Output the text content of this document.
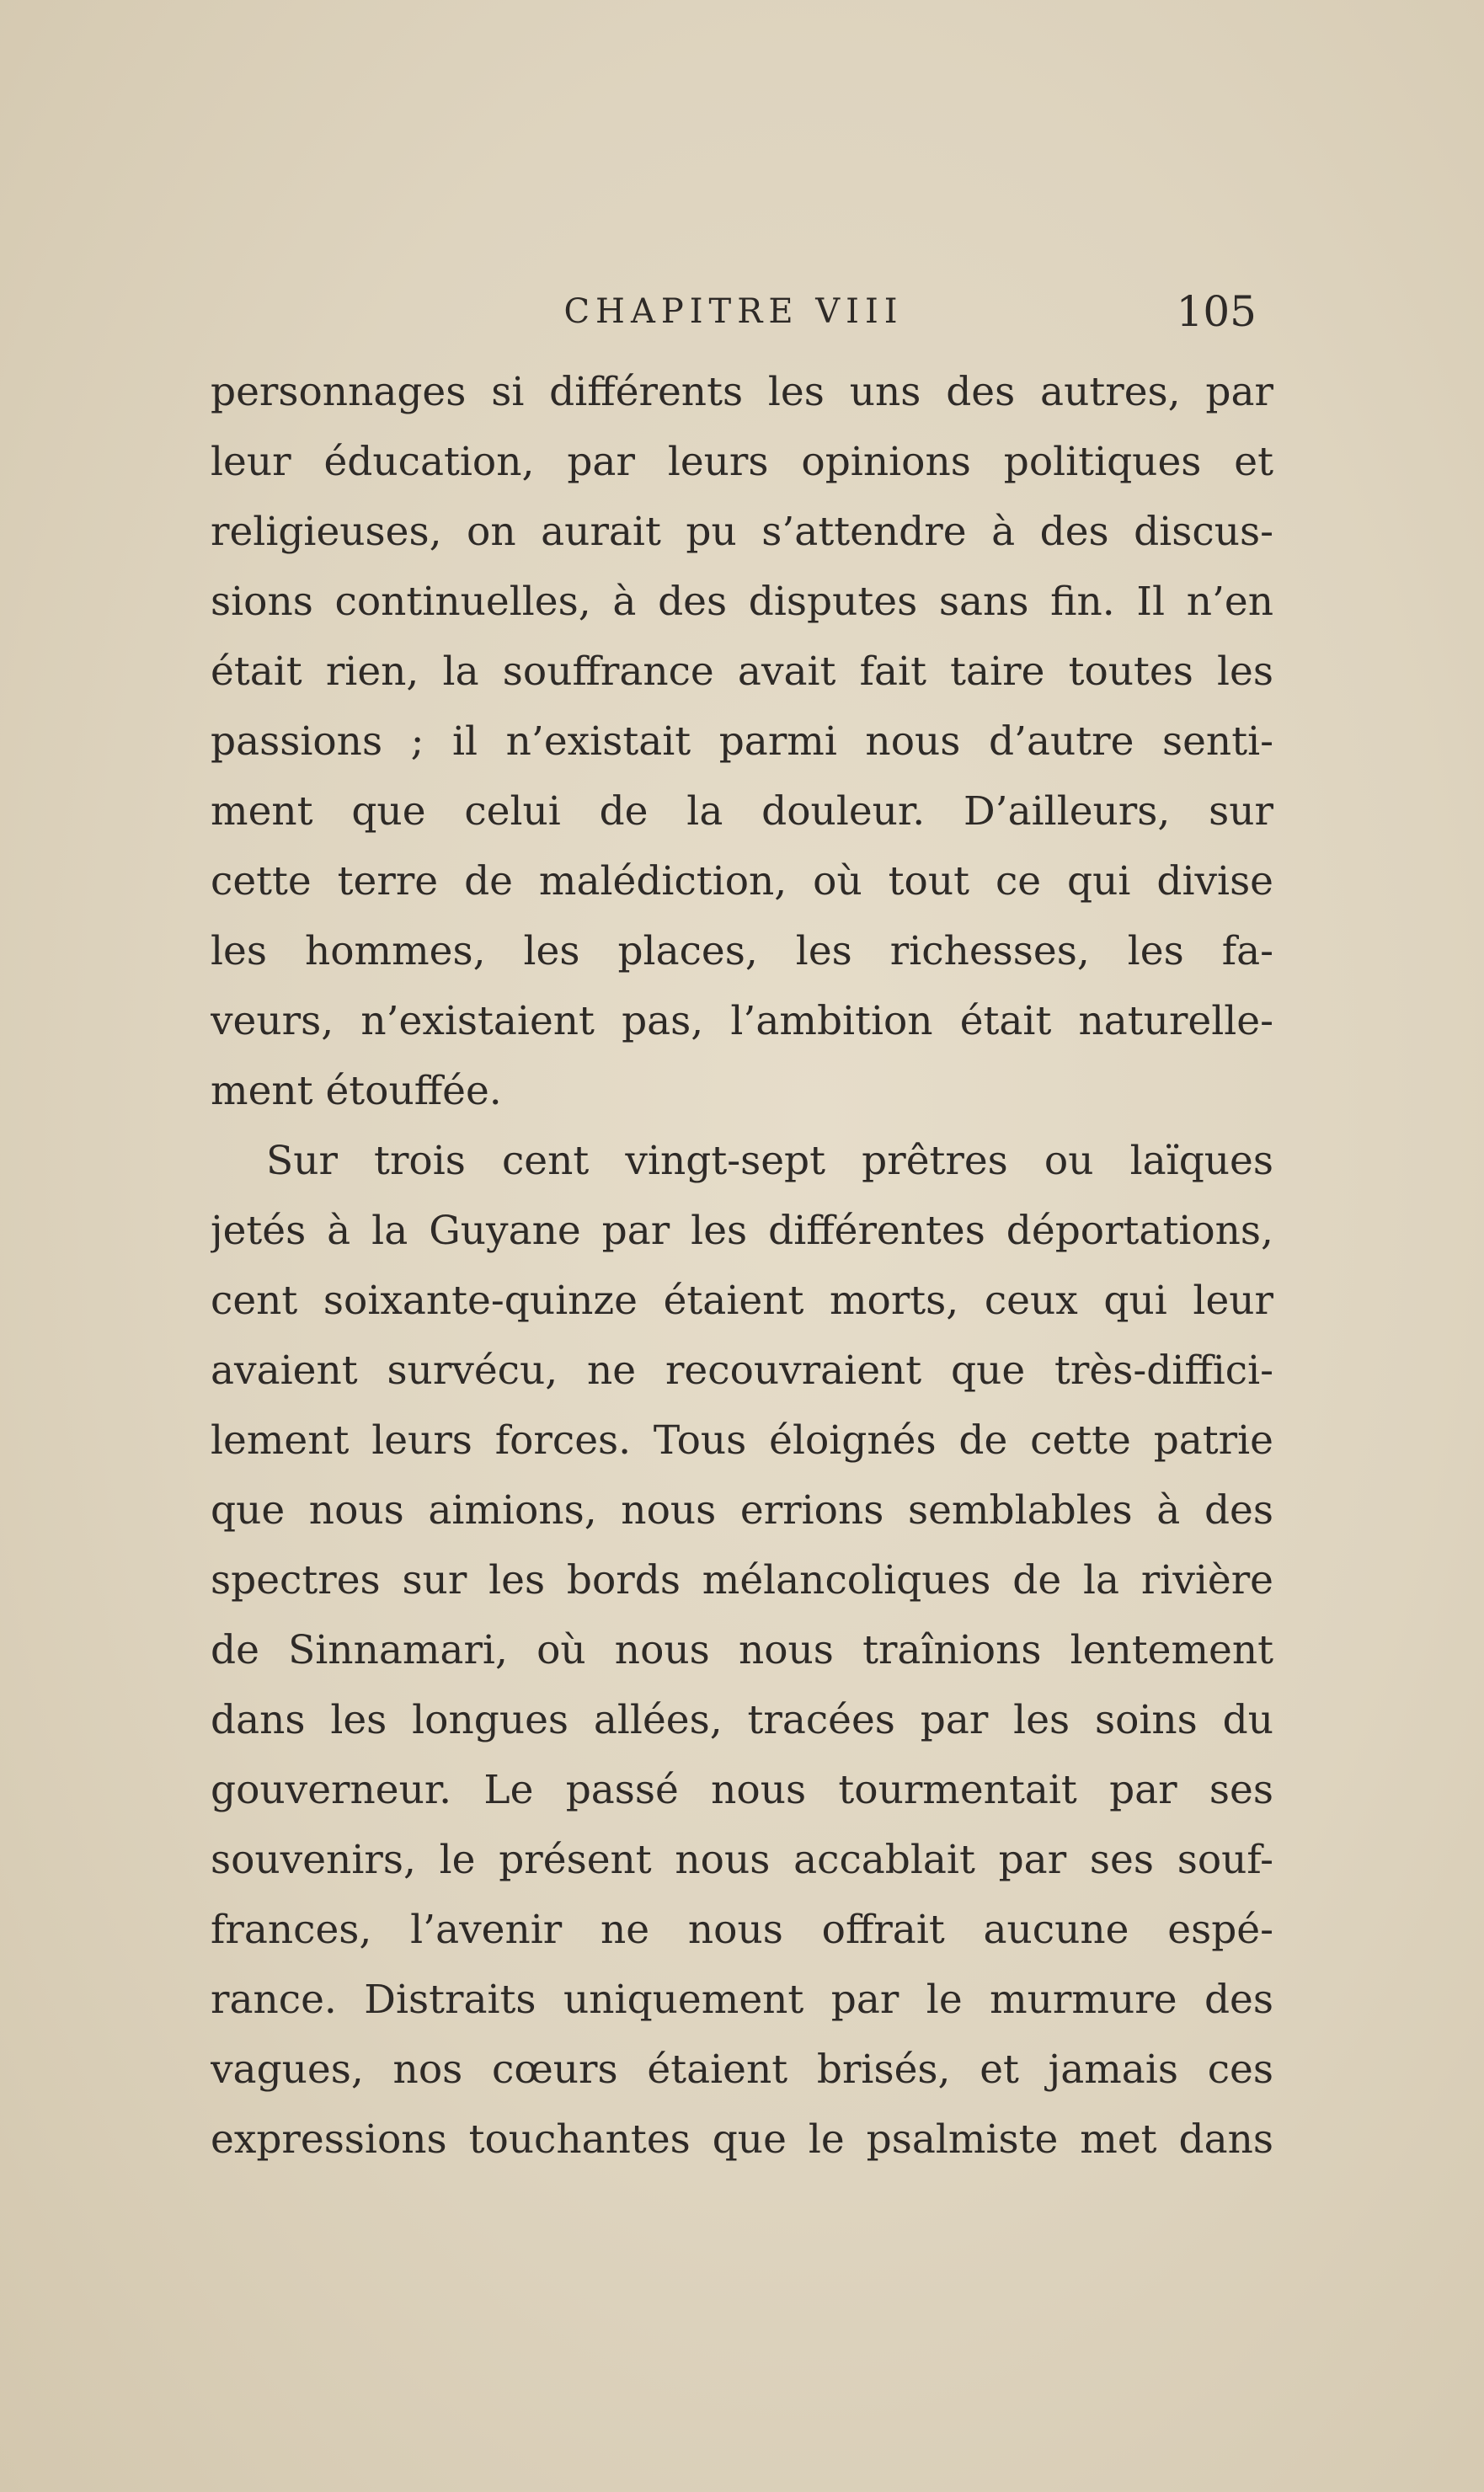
CHAPITRE VIII	105
personnages si différents les uns des autres, par
leur éducation, par leurs opinions politiques et
religieuses, on aurait pu s’attendre à des discus-
sions continuelles, à des disputes sans fin. Il n’en
était rien, la souffrance avait fait taire toutes les
passions ; il n’existait parmi nous d’autre senti-
ment que celui de la douleur. D’ailleurs, sur
cette terre de malédiction, où tout ce qui divise
les hommes, les places, les richesses, les fa-
veurs, n’existaient pas, l’ambition était naturelle-
ment étouffée.
Sur trois cent vingt-sept prêtres ou laïques
jetés à la Guyane par les différentes déportations,
cent soixante-quinze étaient morts, ceux qui leur
avaient survécu, ne recouvraient que très-diffici-
lement leurs forces. Tous éloignés de cette patrie
que nous aimions, nous errions semblables à des
spectres sur les bords mélancoliques de la rivière
de Sinnamari, où nous nous traînions lentement
dans les longues allées, tracées par les soins du
gouverneur. Le passé nous tourmentait par ses
souvenirs, le présent nous accablait par ses souf-
frances, l’avenir ne nous offrait aucune espé-
rance. Distraits uniquement par le murmure des
vagues, nos cœurs étaient brisés, et jamais ces
expressions touchantes que le psalmiste met dans
